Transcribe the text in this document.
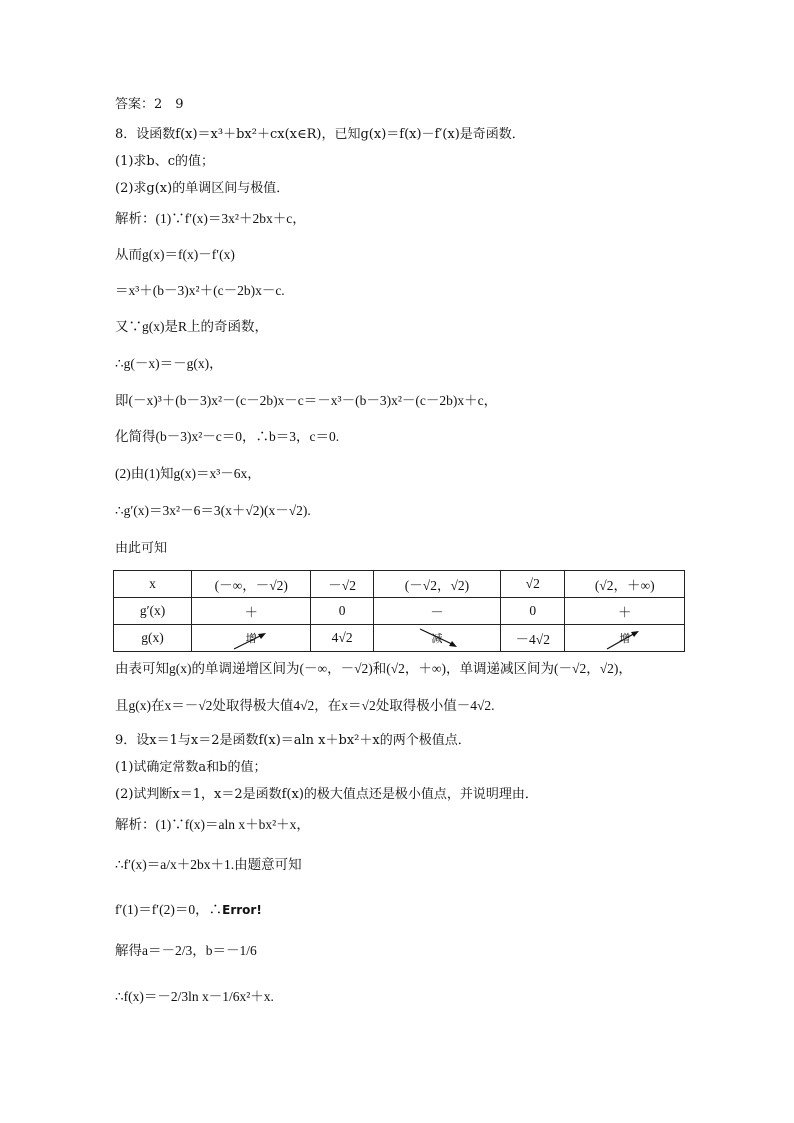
答案：2　9
8．设函数f(x)＝x³＋bx²＋cx(x∈R)，已知g(x)＝f(x)－f′(x)是奇函数．
(1)求b、c的值；
(2)求g(x)的单调区间与极值．
解析：(1)∵f′(x)＝3x²＋2bx＋c，
从而g(x)＝f(x)－f′(x)
＝x³＋(b－3)x²＋(c－2b)x－c.
又∵g(x)是R上的奇函数，
∴g(－x)＝－g(x)，
即(－x)³＋(b－3)x²－(c－2b)x－c＝－x³－(b－3)x²－(c－2b)x＋c，
化简得(b－3)x²－c＝0，∴b＝3，c＝0.
(2)由(1)知g(x)＝x³－6x，
∴g′(x)＝3x²－6＝3(x＋√2)(x－√2).
由此可知
x	(－∞，－√2)	－√2	(－√2，√2)	√2	(√2，＋∞)
g′(x)	＋	0	－	0	＋
g(x)	增	4√2	减	－4√2	增
由表可知g(x)的单调递增区间为(－∞，－√2)和(√2，＋∞)，单调递减区间为(－√2，√2)，
且g(x)在x＝－√2处取得极大值4√2，在x＝√2处取得极小值－4√2.
9．设x＝1与x＝2是函数f(x)＝aln x＋bx²＋x的两个极值点．
(1)试确定常数a和b的值；
(2)试判断x＝1，x＝2是函数f(x)的极大值点还是极小值点，并说明理由．
解析：(1)∵f(x)＝aln x＋bx²＋x，
∴f′(x)＝a/x＋2bx＋1.由题意可知
f′(1)＝f′(2)＝0，∴Error!
解得a＝－2/3，b＝－1/6
∴f(x)＝－2/3ln x－1/6x²＋x.
